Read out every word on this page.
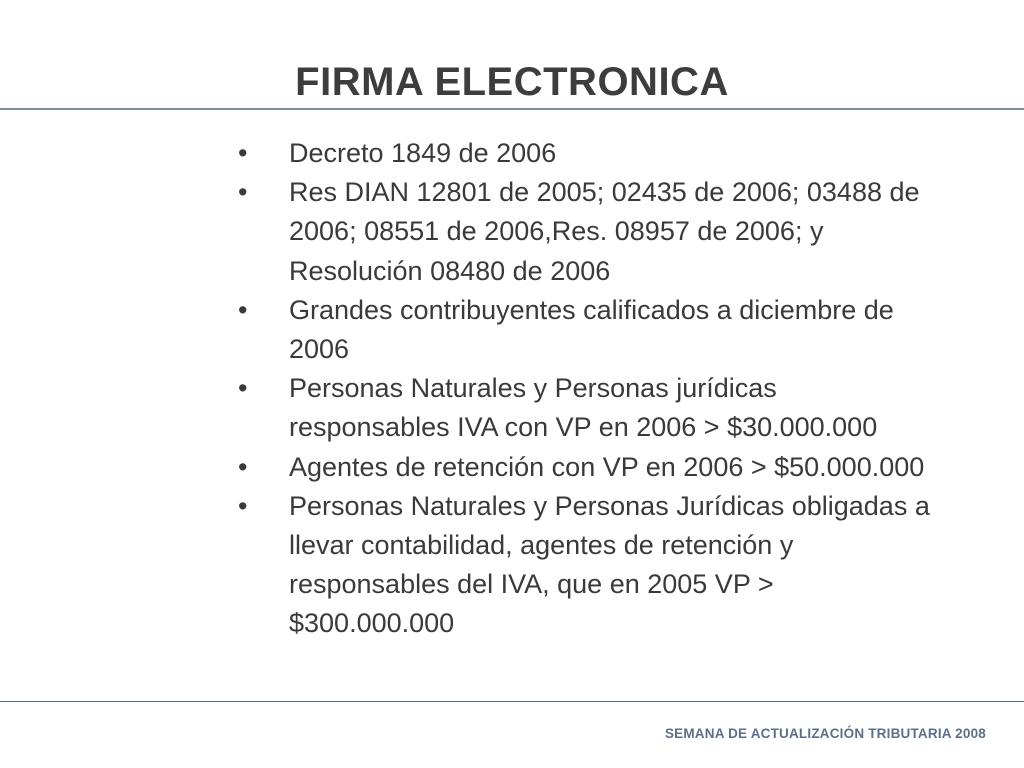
FIRMA ELECTRONICA
•	Decreto 1849 de 2006
•	Res DIAN 12801 de 2005; 02435 de 2006; 03488 de 2006; 08551 de 2006,Res. 08957 de 2006; y Resolución 08480 de 2006
•	Grandes contribuyentes calificados a diciembre de 2006
•	Personas Naturales y Personas jurídicas responsables IVA con VP en 2006 > $30.000.000
•	Agentes de retención con VP en 2006 > $50.000.000
•	Personas Naturales y Personas Jurídicas obligadas a llevar contabilidad, agentes de retención y responsables del IVA, que en 2005 VP > $300.000.000
SEMANA DE ACTUALIZACIÓN TRIBUTARIA 2008
